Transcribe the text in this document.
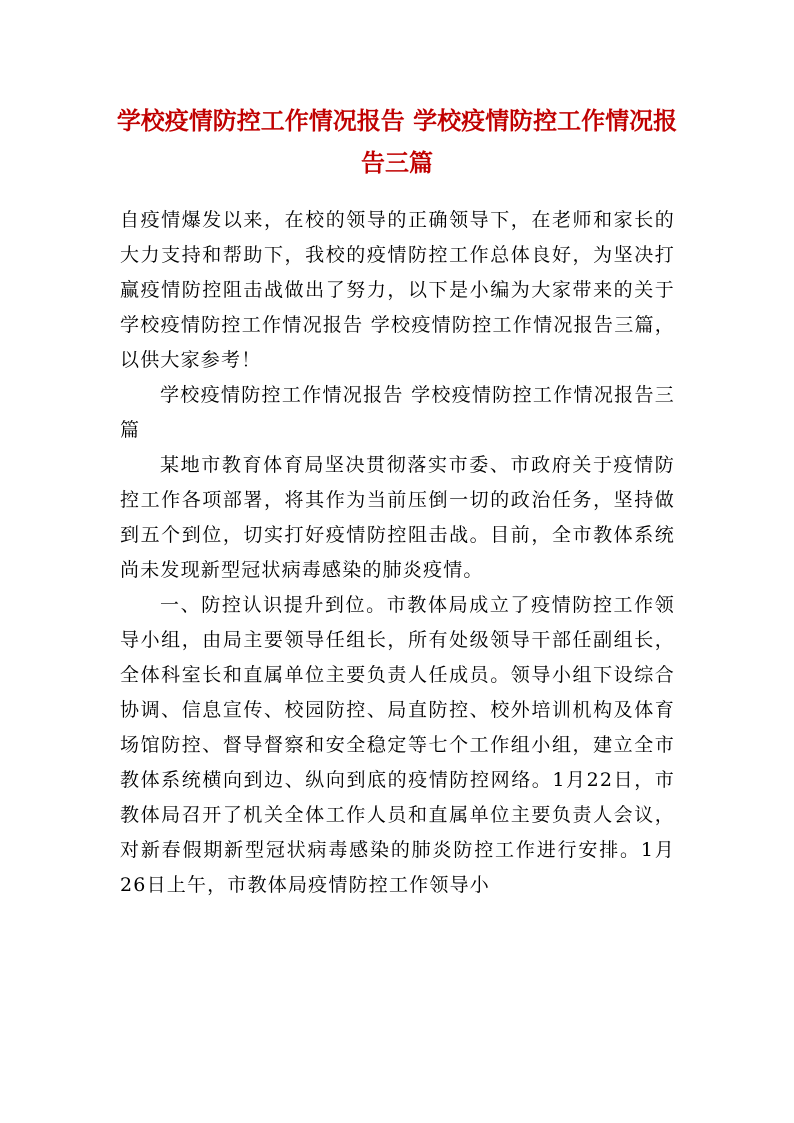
学校疫情防控工作情况报告 学校疫情防控工作情况报告三篇

自疫情爆发以来，在校的领导的正确领导下，在老师和家长的大力支持和帮助下，我校的疫情防控工作总体良好，为坚决打赢疫情防控阻击战做出了努力，以下是小编为大家带来的关于学校疫情防控工作情况报告 学校疫情防控工作情况报告三篇，以供大家参考！

学校疫情防控工作情况报告 学校疫情防控工作情况报告三篇

某地市教育体育局坚决贯彻落实市委、市政府关于疫情防控工作各项部署，将其作为当前压倒一切的政治任务，坚持做到五个到位，切实打好疫情防控阻击战。目前，全市教体系统尚未发现新型冠状病毒感染的肺炎疫情。

一、防控认识提升到位。市教体局成立了疫情防控工作领导小组，由局主要领导任组长，所有处级领导干部任副组长，全体科室长和直属单位主要负责人任成员。领导小组下设综合协调、信息宣传、校园防控、局直防控、校外培训机构及体育场馆防控、督导督察和安全稳定等七个工作组小组，建立全市教体系统横向到边、纵向到底的疫情防控网络。1月22日，市教体局召开了机关全体工作人员和直属单位主要负责人会议，对新春假期新型冠状病毒感染的肺炎防控工作进行安排。1月26日上午，市教体局疫情防控工作领导小
